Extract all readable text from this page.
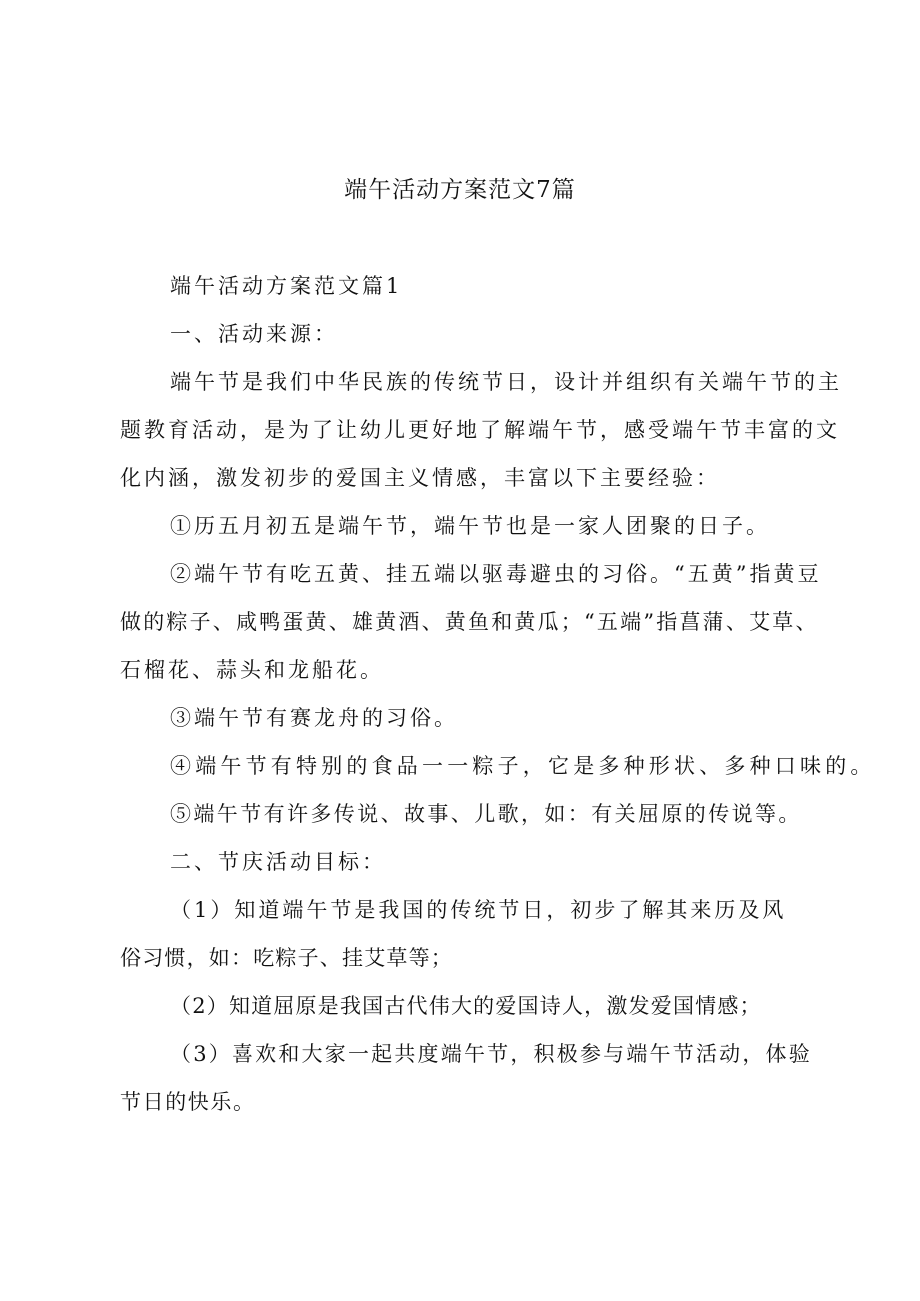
端午活动方案范文7篇
端午活动方案范文篇1
一、活动来源：
端午节是我们中华民族的传统节日，设计并组织有关端午节的主
题教育活动，是为了让幼儿更好地了解端午节，感受端午节丰富的文
化内涵，激发初步的爱国主义情感，丰富以下主要经验：
①历五月初五是端午节，端午节也是一家人团聚的日子。
②端午节有吃五黄、挂五端以驱毒避虫的习俗。“五黄”指黄豆
做的粽子、咸鸭蛋黄、雄黄酒、黄鱼和黄瓜；“五端”指菖蒲、艾草、
石榴花、蒜头和龙船花。
③端午节有赛龙舟的习俗。
④端午节有特别的食品一一粽子，它是多种形状、多种口味的。
⑤端午节有许多传说、故事、儿歌，如：有关屈原的传说等。
二、节庆活动目标：
（1）知道端午节是我国的传统节日，初步了解其来历及风
俗习惯，如：吃粽子、挂艾草等；
（2）知道屈原是我国古代伟大的爱国诗人，激发爱国情感；
（3）喜欢和大家一起共度端午节，积极参与端午节活动，体验
节日的快乐。
